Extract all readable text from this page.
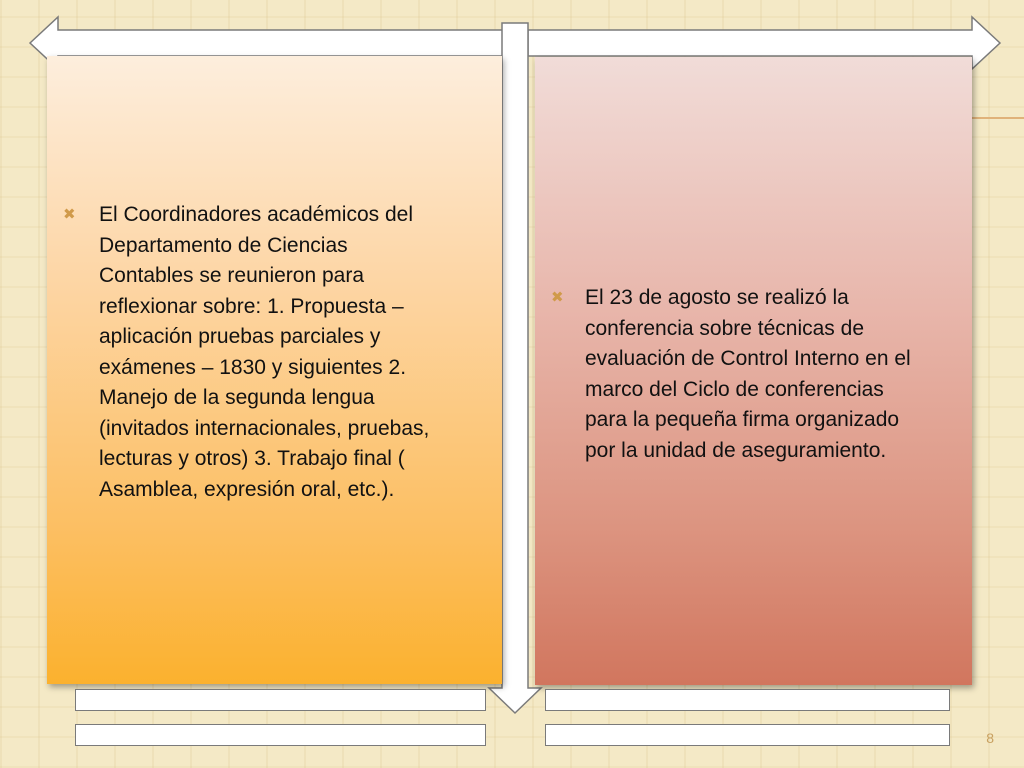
✖	El Coordinadores académicos del
Departamento de Ciencias
Contables se reunieron para
reflexionar sobre: 1. Propuesta –
aplicación pruebas parciales y
exámenes – 1830 y siguientes 2.
Manejo de la segunda lengua
(invitados internacionales, pruebas,
lecturas y otros) 3. Trabajo final (
Asamblea, expresión oral, etc.).
✖	El 23 de agosto se realizó la
conferencia sobre técnicas de
evaluación de Control Interno en el
marco del Ciclo de conferencias
para la pequeña firma organizado
por la unidad de aseguramiento.
8
